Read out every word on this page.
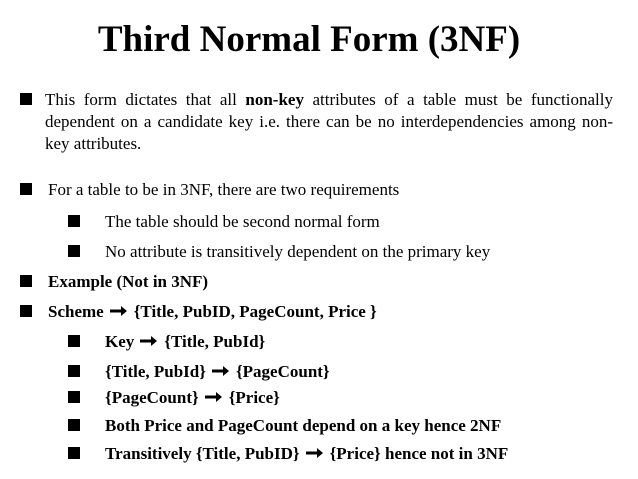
Third Normal Form (3NF)
This form dictates that all non-key attributes of a table must be functionally dependent on a candidate key i.e. there can be no interdependencies among non-key attributes.
For a table to be in 3NF, there are two requirements
The table should be second normal form
No attribute is transitively dependent on the primary key
Example (Not in 3NF)
Scheme {Title, PubID, PageCount, Price }
Key {Title, PubId}
{Title, PubId} {PageCount}
{PageCount} {Price}
Both Price and PageCount depend on a key hence 2NF
Transitively {Title, PubID} {Price} hence not in 3NF
